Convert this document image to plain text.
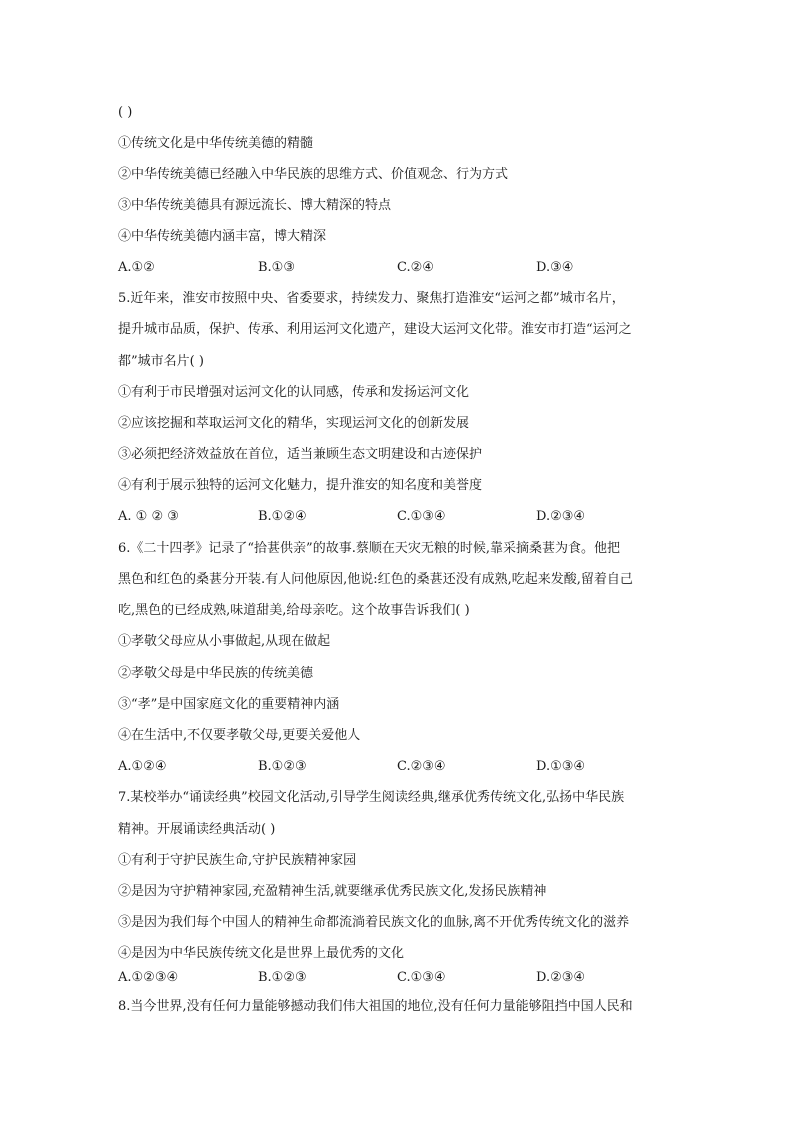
( )
①传统文化是中华传统美德的精髓
②中华传统美德已经融入中华民族的思维方式、价值观念、行为方式
③中华传统美德具有源远流长、博大精深的特点
④中华传统美德内涵丰富，博大精深
A.①②	B.①③	C.②④	D.③④
5.近年来，淮安市按照中央、省委要求，持续发力、聚焦打造淮安“运河之都”城市名片，
提升城市品质，保护、传承、利用运河文化遗产，建设大运河文化带。淮安市打造“运河之
都”城市名片( )
①有利于市民增强对运河文化的认同感，传承和发扬运河文化
②应该挖掘和萃取运河文化的精华，实现运河文化的创新发展
③必须把经济效益放在首位，适当兼顾生态文明建设和古迹保护
④有利于展示独特的运河文化魅力，提升淮安的知名度和美誉度
A. ① ② ③	B.①②④	C.①③④	D.②③④
6.《二十四孝》记录了“拾葚供亲”的故事.蔡顺在天灾无粮的时候,靠采摘桑葚为食。他把
黑色和红色的桑葚分开装.有人问他原因,他说:红色的桑葚还没有成熟,吃起来发酸,留着自己
吃,黑色的已经成熟,味道甜美,给母亲吃。这个故事告诉我们( )
①孝敬父母应从小事做起,从现在做起
②孝敬父母是中华民族的传统美德
③“孝”是中国家庭文化的重要精神内涵
④在生活中,不仅要孝敬父母,更要关爱他人
A.①②④	B.①②③	C.②③④	D.①③④
7.某校举办“诵读经典”校园文化活动,引导学生阅读经典,继承优秀传统文化,弘扬中华民族
精神。开展诵读经典活动( )
①有利于守护民族生命,守护民族精神家园
②是因为守护精神家园,充盈精神生活,就要继承优秀民族文化,发扬民族精神
③是因为我们每个中国人的精神生命都流淌着民族文化的血脉,离不开优秀传统文化的滋养
④是因为中华民族传统文化是世界上最优秀的文化
A.①②③④	B.①②③	C.①③④	D.②③④
8.当今世界,没有任何力量能够撼动我们伟大祖国的地位,没有任何力量能够阻挡中国人民和
